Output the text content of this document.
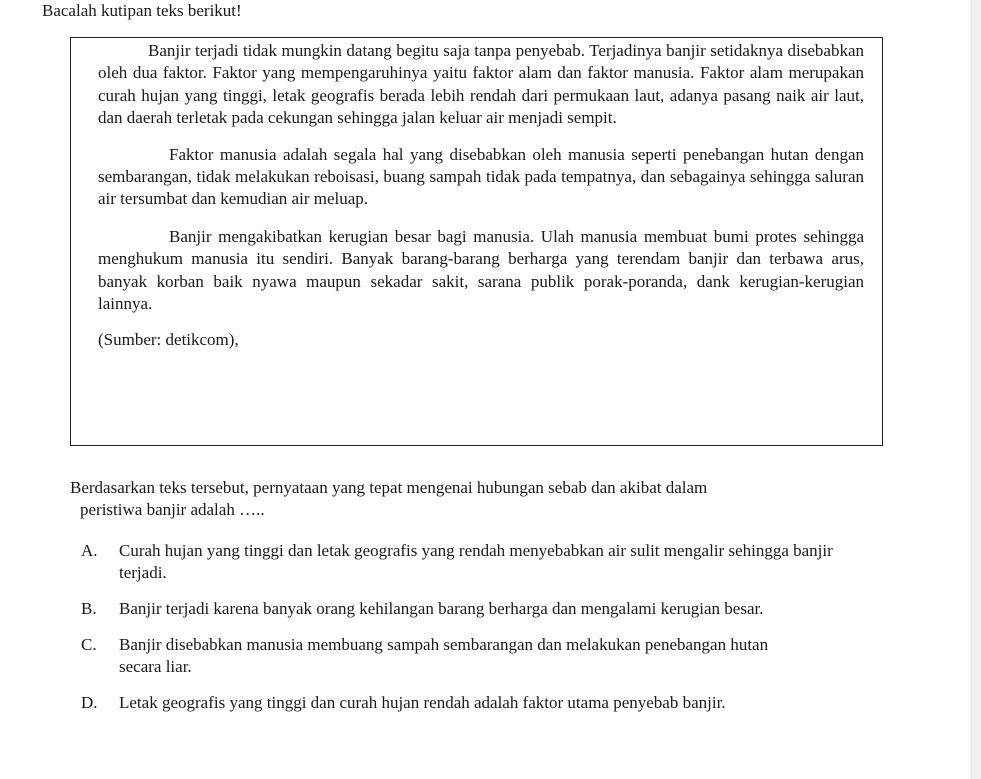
Bacalah kutipan teks berikut!

Banjir terjadi tidak mungkin datang begitu saja tanpa penyebab. Terjadinya banjir setidaknya disebabkan oleh dua faktor. Faktor yang mempengaruhinya yaitu faktor alam dan faktor manusia. Faktor alam merupakan curah hujan yang tinggi, letak geografis berada lebih rendah dari permukaan laut, adanya pasang naik air laut, dan daerah terletak pada cekungan sehingga jalan keluar air menjadi sempit.

Faktor manusia adalah segala hal yang disebabkan oleh manusia seperti penebangan hutan dengan sembarangan, tidak melakukan reboisasi, buang sampah tidak pada tempatnya, dan sebagainya sehingga saluran air tersumbat dan kemudian air meluap.

Banjir mengakibatkan kerugian besar bagi manusia. Ulah manusia membuat bumi protes sehingga menghukum manusia itu sendiri. Banyak barang-barang berharga yang terendam banjir dan terbawa arus, banyak korban baik nyawa maupun sekadar sakit, sarana publik porak-poranda, dank kerugian-kerugian lainnya.

(Sumber: detikcom),
Berdasarkan teks tersebut, pernyataan yang tepat mengenai hubungan sebab dan akibat dalam
peristiwa banjir adalah …..
A.	Curah hujan yang tinggi dan letak geografis yang rendah menyebabkan air sulit mengalir sehingga banjir terjadi.
B.	Banjir terjadi karena banyak orang kehilangan barang berharga dan mengalami kerugian besar.
C.	Banjir disebabkan manusia membuang sampah sembarangan dan melakukan penebangan hutan secara liar.
D.	Letak geografis yang tinggi dan curah hujan rendah adalah faktor utama penyebab banjir.
